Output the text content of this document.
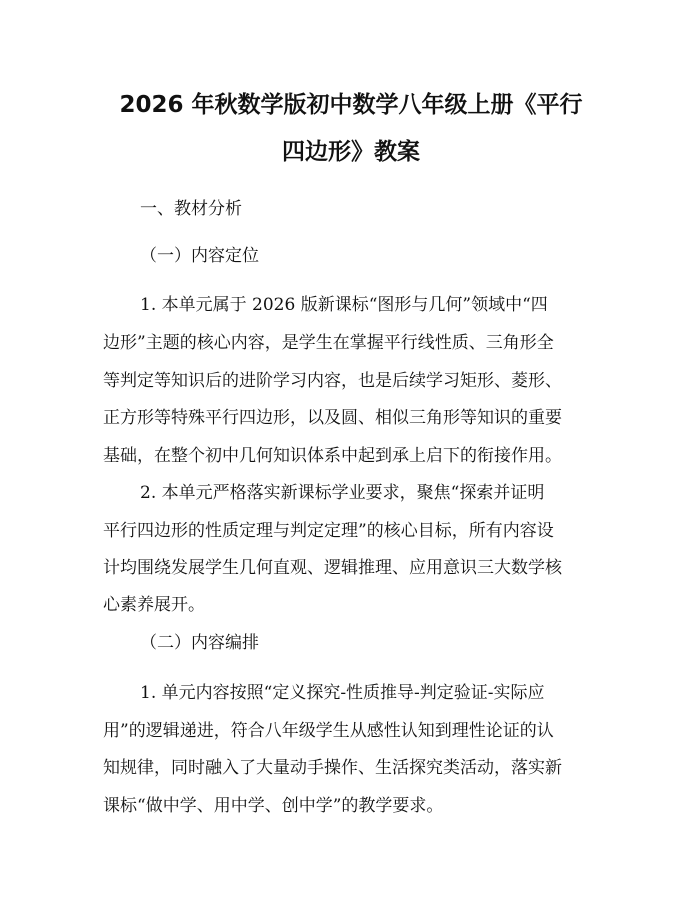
2026 年秋数学版初中数学八年级上册《平行
四边形》教案
一、教材分析
（一）内容定位
1. 本单元属于 2026 版新课标“图形与几何”领域中“四
边形”主题的核心内容，是学生在掌握平行线性质、三角形全
等判定等知识后的进阶学习内容，也是后续学习矩形、菱形、
正方形等特殊平行四边形，以及圆、相似三角形等知识的重要
基础，在整个初中几何知识体系中起到承上启下的衔接作用。
2. 本单元严格落实新课标学业要求，聚焦“探索并证明
平行四边形的性质定理与判定定理”的核心目标，所有内容设
计均围绕发展学生几何直观、逻辑推理、应用意识三大数学核
心素养展开。
（二）内容编排
1. 单元内容按照“定义探究-性质推导-判定验证-实际应
用”的逻辑递进，符合八年级学生从感性认知到理性论证的认
知规律，同时融入了大量动手操作、生活探究类活动，落实新
课标“做中学、用中学、创中学”的教学要求。
